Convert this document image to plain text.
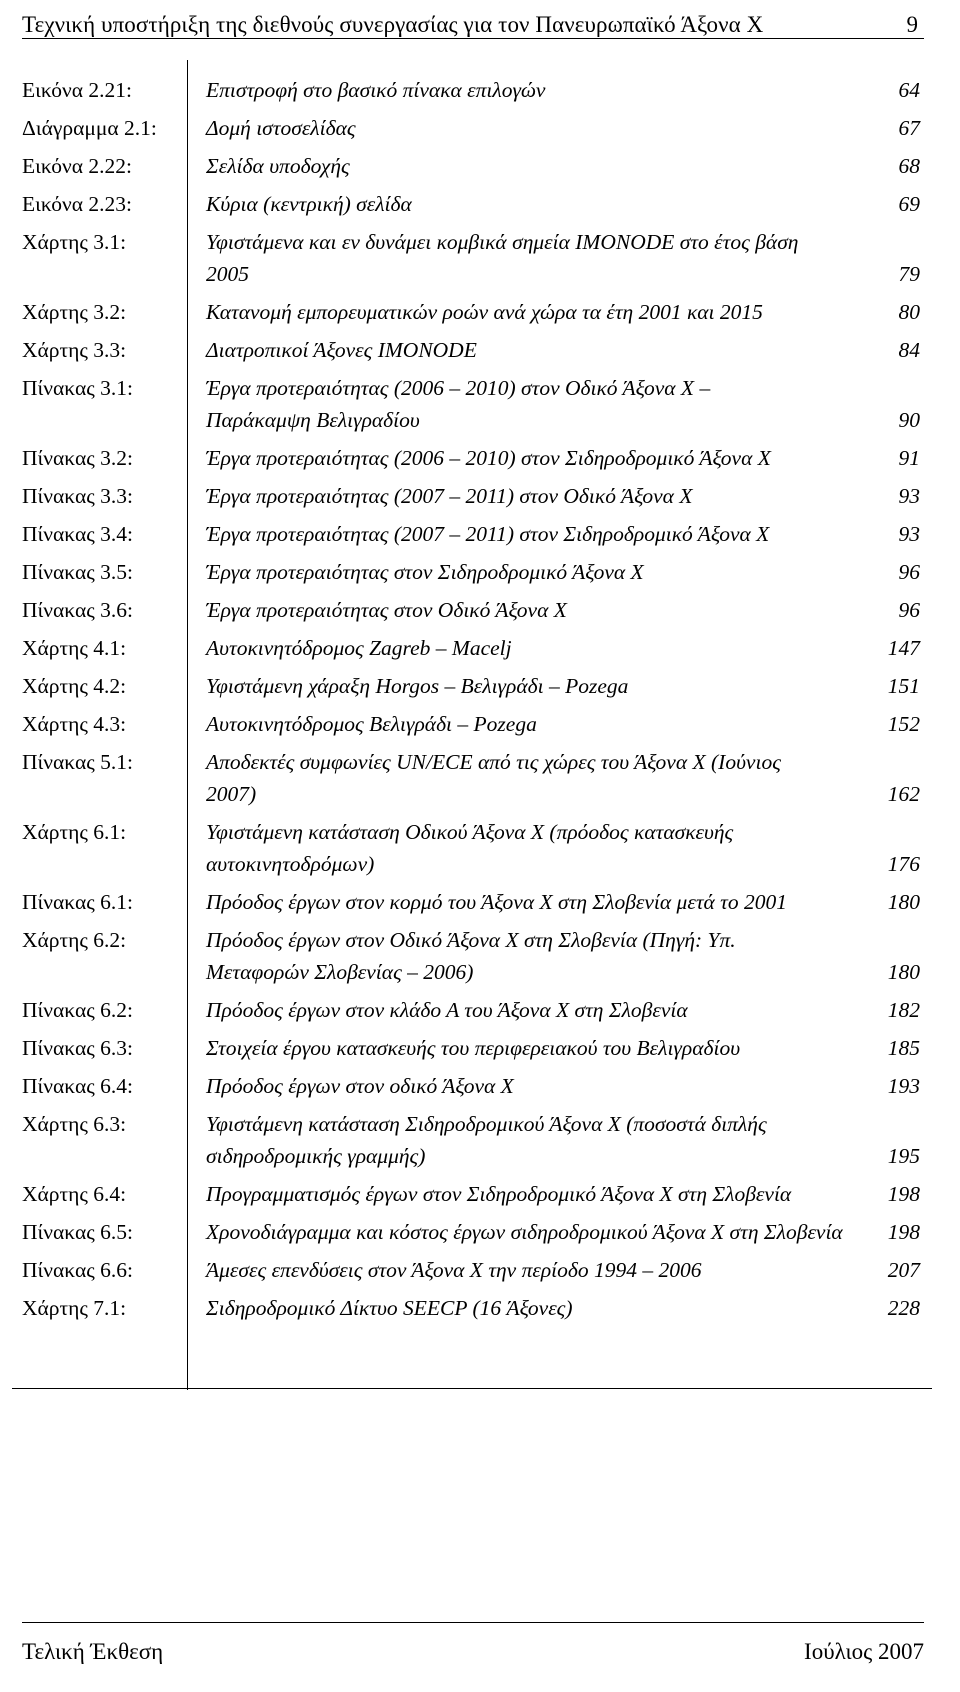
Τεχνική υποστήριξη της διεθνούς συνεργασίας για τον Πανευρωπαϊκό Άξονα Χ	9
Εικόνα 2.21:	Επιστροφή στο βασικό πίνακα επιλογών	64
Διάγραμμα 2.1:	Δομή ιστοσελίδας	67
Εικόνα 2.22:	Σελίδα υποδοχής	68
Εικόνα 2.23:	Κύρια (κεντρική) σελίδα	69
Χάρτης 3.1:	Υφιστάμενα και εν δυνάμει κομβικά σημεία IMONODE στο έτος βάση
2005	79
Χάρτης 3.2:	Κατανομή εμπορευματικών ροών ανά χώρα τα έτη 2001 και 2015	80
Χάρτης 3.3:	Διατροπικοί Άξονες IMONODE	84
Πίνακας 3.1:	Έργα προτεραιότητας (2006 – 2010) στον Οδικό Άξονα Χ –
Παράκαμψη Βελιγραδίου	90
Πίνακας 3.2:	Έργα προτεραιότητας (2006 – 2010) στον Σιδηροδρομικό Άξονα Χ	91
Πίνακας 3.3:	Έργα προτεραιότητας (2007 – 2011) στον Οδικό Άξονα Χ	93
Πίνακας 3.4:	Έργα προτεραιότητας (2007 – 2011) στον Σιδηροδρομικό Άξονα Χ	93
Πίνακας 3.5:	Έργα προτεραιότητας στον Σιδηροδρομικό Άξονα Χ	96
Πίνακας 3.6:	Έργα προτεραιότητας στον Οδικό Άξονα Χ	96
Χάρτης 4.1:	Αυτοκινητόδρομος Zagreb – Macelj	147
Χάρτης 4.2:	Υφιστάμενη χάραξη Horgos – Βελιγράδι – Pozega	151
Χάρτης 4.3:	Αυτοκινητόδρομος Βελιγράδι – Pozega	152
Πίνακας 5.1:	Αποδεκτές συμφωνίες UN/ECE από τις χώρες του Άξονα Χ (Ιούνιος
2007)	162
Χάρτης 6.1:	Υφιστάμενη κατάσταση Οδικού Άξονα Χ (πρόοδος κατασκευής
αυτοκινητοδρόμων)	176
Πίνακας 6.1:	Πρόοδος έργων στον κορμό του Άξονα Χ στη Σλοβενία μετά το 2001	180
Χάρτης 6.2:	Πρόοδος έργων στον Οδικό Άξονα Χ στη Σλοβενία (Πηγή: Υπ.
Μεταφορών Σλοβενίας – 2006)	180
Πίνακας 6.2:	Πρόοδος έργων στον κλάδο Α του Άξονα Χ στη Σλοβενία	182
Πίνακας 6.3:	Στοιχεία έργου κατασκευής του περιφερειακού του Βελιγραδίου	185
Πίνακας 6.4:	Πρόοδος έργων στον οδικό Άξονα Χ	193
Χάρτης 6.3:	Υφιστάμενη κατάσταση Σιδηροδρομικού Άξονα Χ (ποσοστά διπλής
σιδηροδρομικής γραμμής)	195
Χάρτης 6.4:	Προγραμματισμός έργων στον Σιδηροδρομικό Άξονα Χ στη Σλοβενία	198
Πίνακας 6.5:	Χρονοδιάγραμμα και κόστος έργων σιδηροδρομικού Άξονα Χ στη Σλοβενία	198
Πίνακας 6.6:	Άμεσες επενδύσεις στον Άξονα Χ την περίοδο 1994 – 2006	207
Χάρτης 7.1:	Σιδηροδρομικό Δίκτυο SEECP (16 Άξονες)	228
Τελική Έκθεση	Ιούλιος 2007
